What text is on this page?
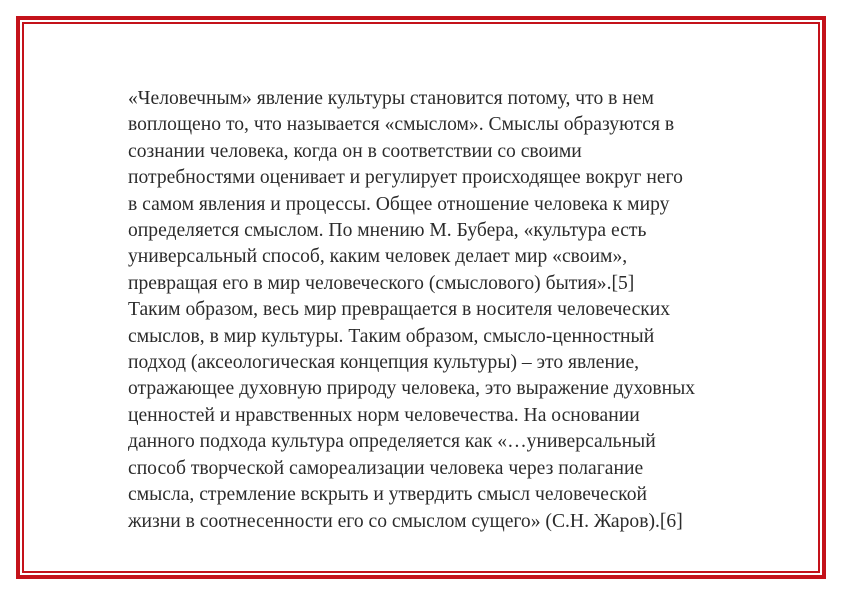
«Человечным» явление культуры становится потому, что в нем
воплощено то, что называется «смыслом». Смыслы образуются в
сознании человека, когда он в соответствии со своими
потребностями оценивает и регулирует происходящее вокруг него
в самом явления и процессы. Общее отношение человека к миру
определяется смыслом. По мнению М. Бубера, «культура есть
универсальный способ, каким человек делает мир «своим»,
превращая его в мир человеческого (смыслового) бытия».[5]
Таким образом, весь мир превращается в носителя человеческих
смыслов, в мир культуры. Таким образом, смысло-ценностный
подход (аксеологическая концепция культуры) – это явление,
отражающее духовную природу человека, это выражение духовных
ценностей и нравственных норм человечества. На основании
данного подхода культура определяется как «…универсальный
способ творческой самореализации человека через полагание
смысла, стремление вскрыть и утвердить смысл человеческой
жизни в соотнесенности его со смыслом сущего» (С.Н. Жаров).[6]
